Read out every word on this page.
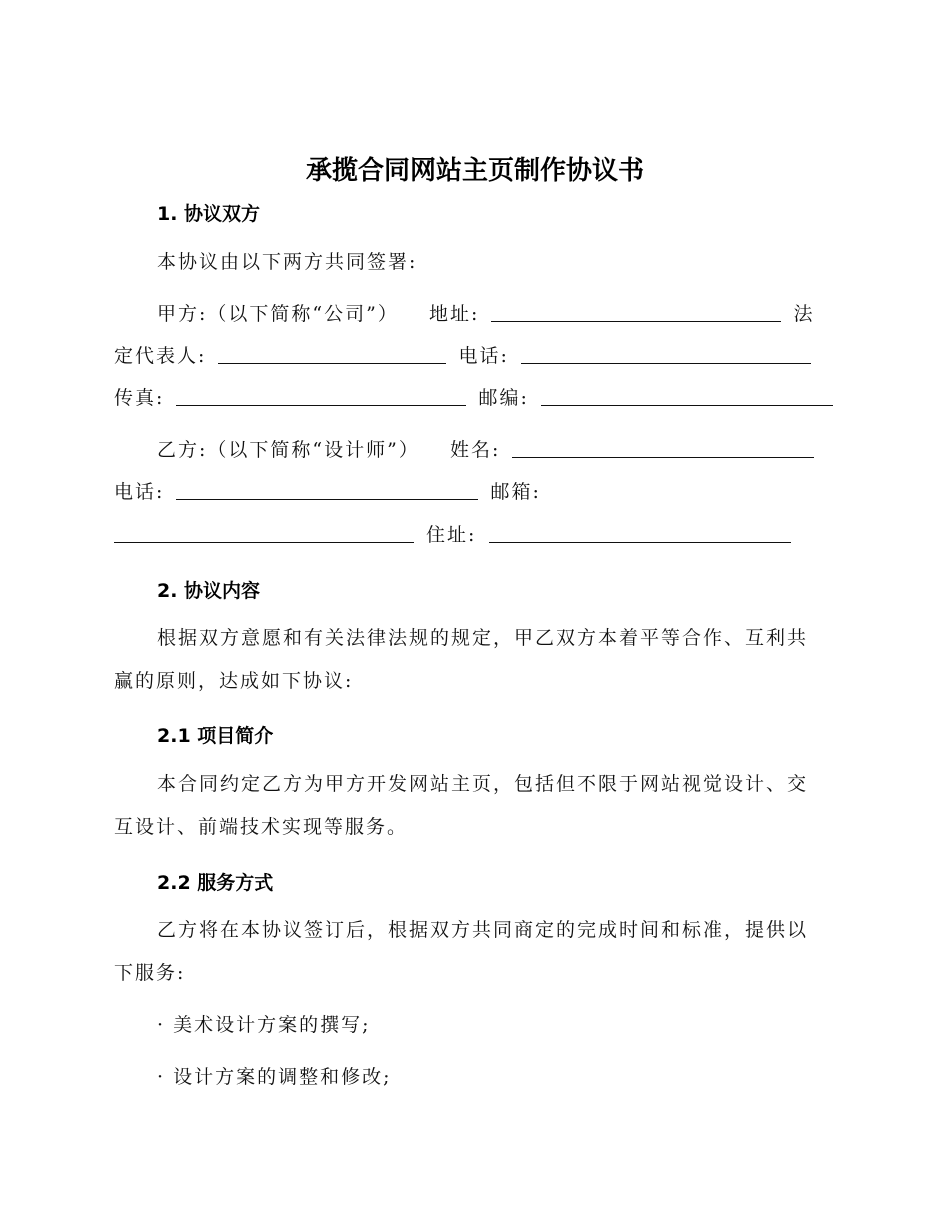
承揽合同网站主页制作协议书
1. 协议双方
本协议由以下两方共同签署:
甲方:（以下简称“公司”） 地址:	法
定代表人:	电话:
传真:	邮编:
乙方:（以下简称“设计师”） 姓名:
电话:	邮箱:
住址:
2. 协议内容
根据双方意愿和有关法律法规的规定，甲乙双方本着平等合作、互利共
赢的原则，达成如下协议:
2.1 项目简介
本合同约定乙方为甲方开发网站主页，包括但不限于网站视觉设计、交
互设计、前端技术实现等服务。
2.2 服务方式
乙方将在本协议签订后，根据双方共同商定的完成时间和标准，提供以
下服务:
· 美术设计方案的撰写;
· 设计方案的调整和修改;
